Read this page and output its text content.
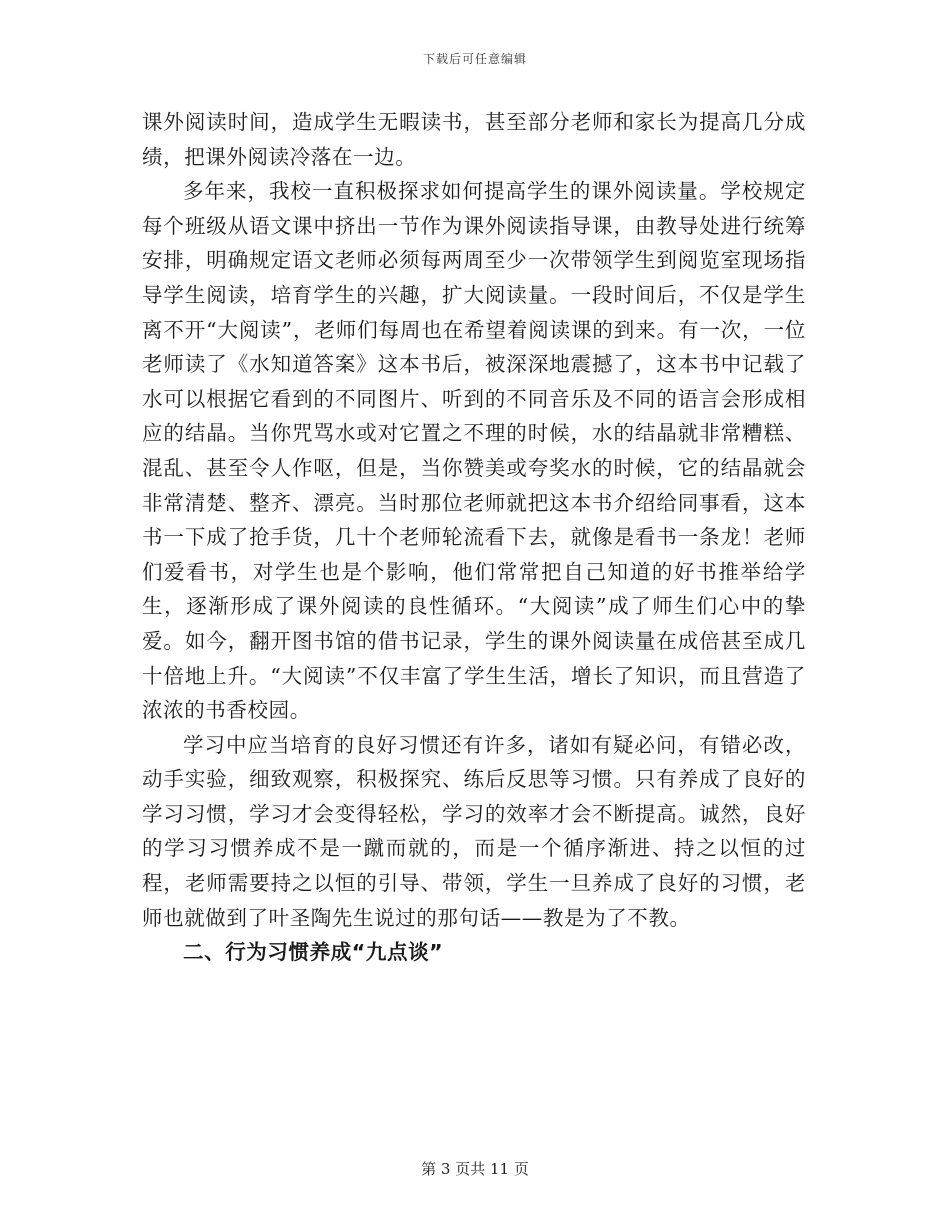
下载后可任意编辑

课外阅读时间，造成学生无暇读书，甚至部分老师和家长为提高几分成绩，把课外阅读冷落在一边。

多年来，我校一直积极探求如何提高学生的课外阅读量。学校规定每个班级从语文课中挤出一节作为课外阅读指导课，由教导处进行统筹安排，明确规定语文老师必须每两周至少一次带领学生到阅览室现场指导学生阅读，培育学生的兴趣，扩大阅读量。一段时间后，不仅是学生离不开“大阅读”，老师们每周也在希望着阅读课的到来。有一次，一位老师读了《水知道答案》这本书后，被深深地震撼了，这本书中记载了水可以根据它看到的不同图片、听到的不同音乐及不同的语言会形成相应的结晶。当你咒骂水或对它置之不理的时候，水的结晶就非常糟糕、混乱、甚至令人作呕，但是，当你赞美或夸奖水的时候，它的结晶就会非常清楚、整齐、漂亮。当时那位老师就把这本书介绍给同事看，这本书一下成了抢手货，几十个老师轮流看下去，就像是看书一条龙！老师们爱看书，对学生也是个影响，他们常常把自己知道的好书推举给学生，逐渐形成了课外阅读的良性循环。“大阅读”成了师生们心中的挚爱。如今，翻开图书馆的借书记录，学生的课外阅读量在成倍甚至成几十倍地上升。“大阅读”不仅丰富了学生生活，增长了知识，而且营造了浓浓的书香校园。

学习中应当培育的良好习惯还有许多，诸如有疑必问，有错必改，动手实验，细致观察，积极探究、练后反思等习惯。只有养成了良好的学习习惯，学习才会变得轻松，学习的效率才会不断提高。诚然，良好的学习习惯养成不是一蹴而就的，而是一个循序渐进、持之以恒的过程，老师需要持之以恒的引导、带领，学生一旦养成了良好的习惯，老师也就做到了叶圣陶先生说过的那句话——教是为了不教。

二、行为习惯养成“九点谈”

第 3 页共 11 页
